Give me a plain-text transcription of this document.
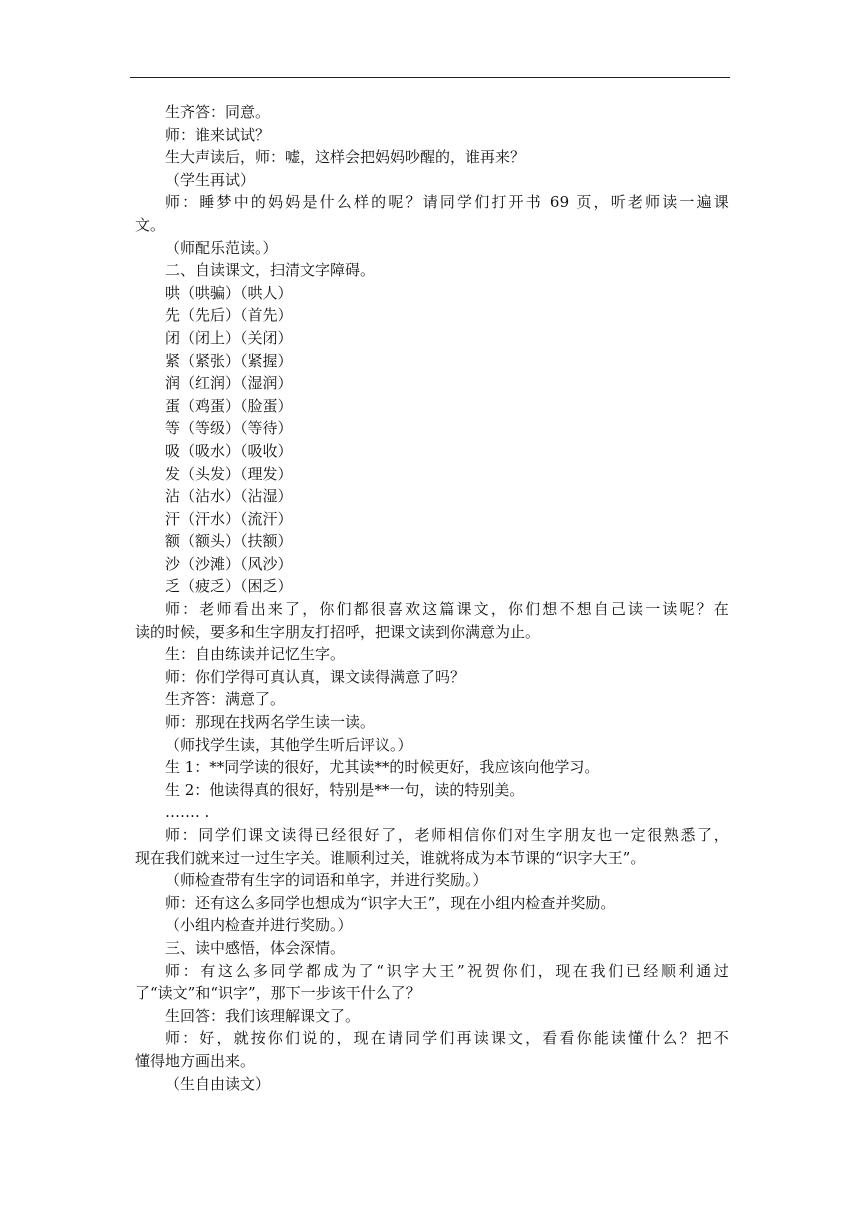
生齐答：同意。
师：谁来试试？
生大声读后，师：嘘，这样会把妈妈吵醒的，谁再来？
（学生再试）
师：睡梦中的妈妈是什么样的呢？请同学们打开书 69 页，听老师读一遍课
文。
（师配乐范读。）
二、自读课文，扫清文字障碍。
哄（哄骗）（哄人）
先（先后）（首先）
闭（闭上）（关闭）
紧（紧张）（紧握）
润（红润）（湿润）
蛋（鸡蛋）（脸蛋）
等（等级）（等待）
吸（吸水）（吸收）
发（头发）（理发）
沾（沾水）（沾湿）
汗（汗水）（流汗）
额（额头）（扶额）
沙（沙滩）（风沙）
乏（疲乏）（困乏）
师：老师看出来了，你们都很喜欢这篇课文，你们想不想自己读一读呢？在
读的时候，要多和生字朋友打招呼，把课文读到你满意为止。
生：自由练读并记忆生字。
师：你们学得可真认真，课文读得满意了吗？
生齐答：满意了。
师：那现在找两名学生读一读。
（师找学生读，其他学生听后评议。）
生 1：**同学读的很好，尤其读**的时候更好，我应该向他学习。
生 2：他读得真的很好，特别是**一句，读的特别美。
……. .
师：同学们课文读得已经很好了，老师相信你们对生字朋友也一定很熟悉了，
现在我们就来过一过生字关。谁顺利过关，谁就将成为本节课的“识字大王”。
（师检查带有生字的词语和单字，并进行奖励。）
师：还有这么多同学也想成为“识字大王”，现在小组内检查并奖励。
（小组内检查并进行奖励。）
三、读中感悟，体会深情。
师：有这么多同学都成为了“识字大王”祝贺你们，现在我们已经顺利通过
了“读文”和“识字”，那下一步该干什么了？
生回答：我们该理解课文了。
师：好，就按你们说的，现在请同学们再读课文，看看你能读懂什么？把不
懂得地方画出来。
（生自由读文）
